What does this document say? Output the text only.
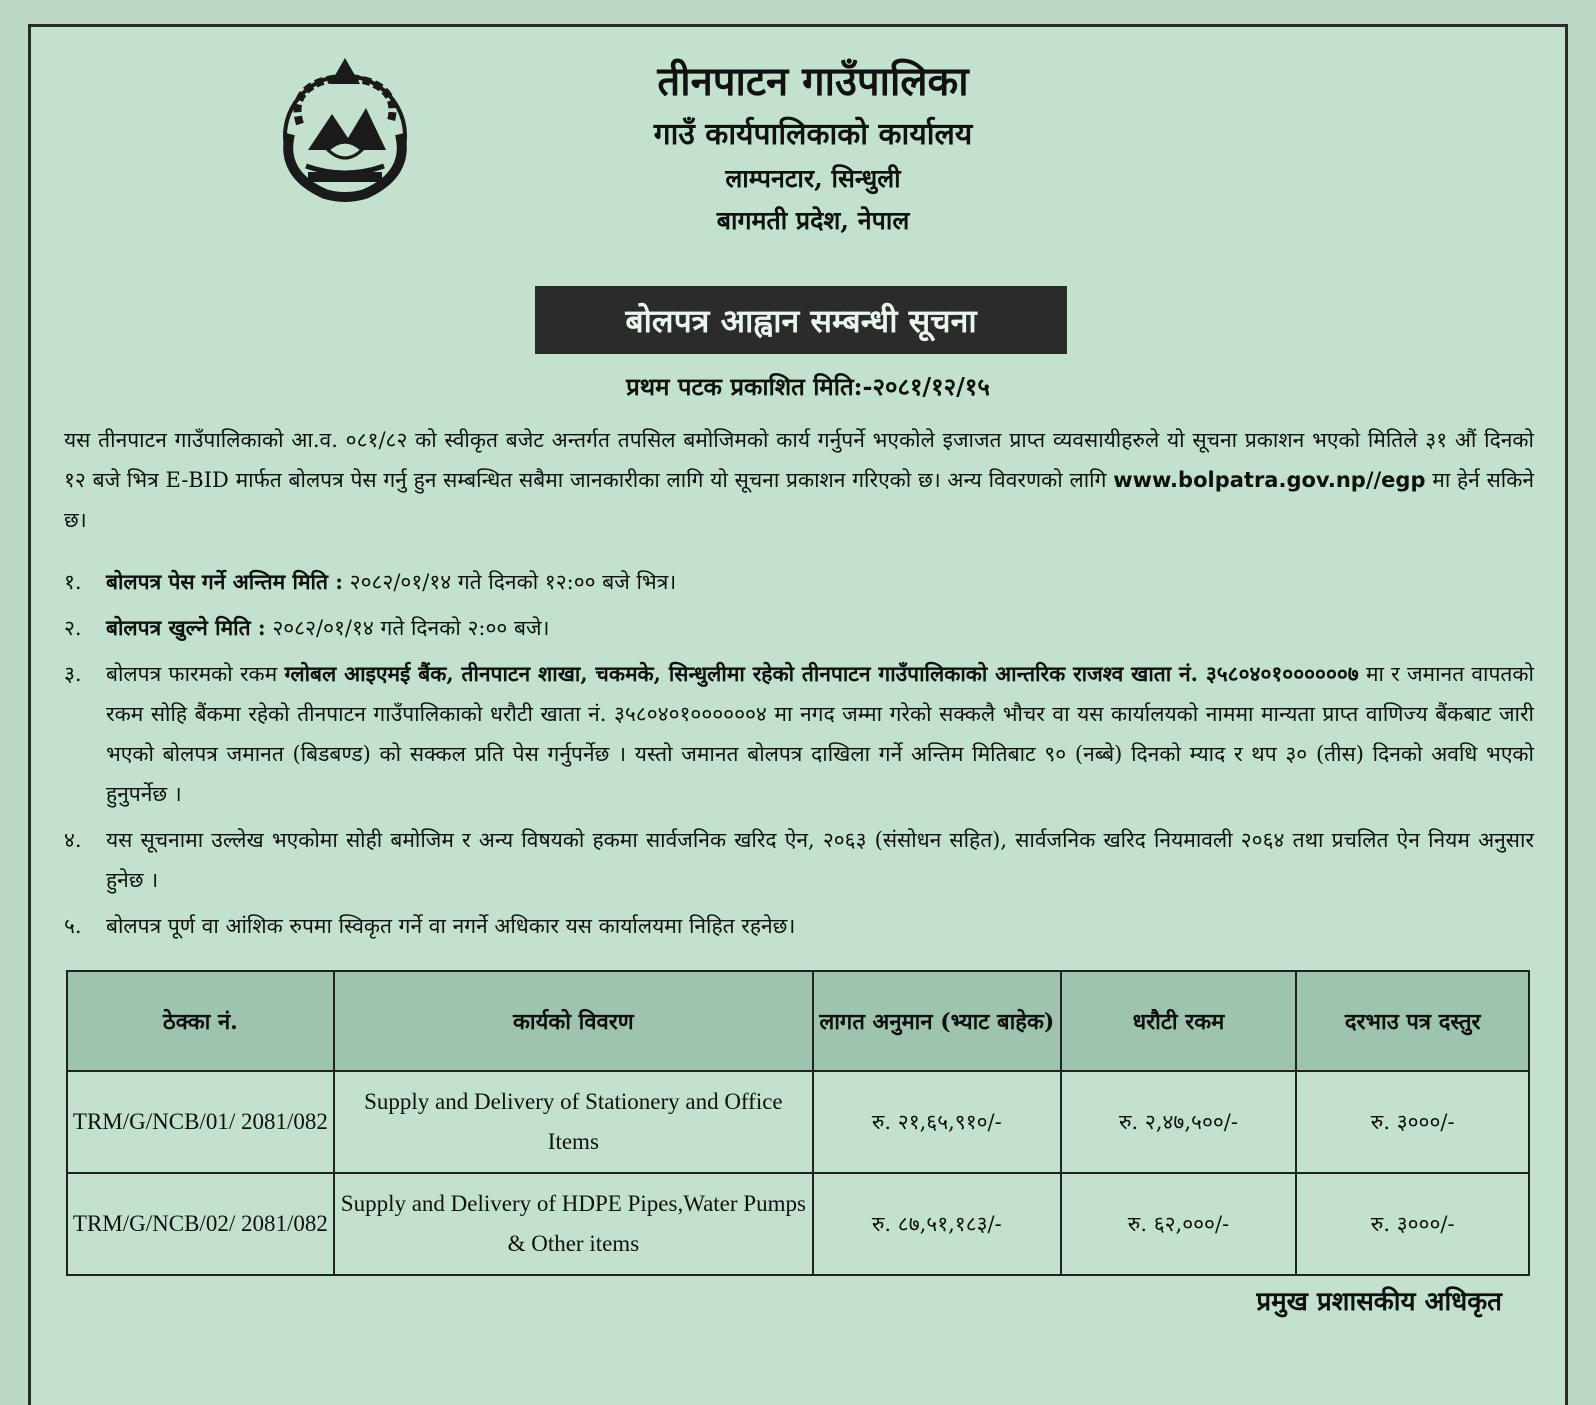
तीनपाटन गाउँपालिका

गाउँ कार्यपालिकाको कार्यालय

लाम्पनटार, सिन्धुली

बागमती प्रदेश, नेपाल

बोलपत्र आह्वान सम्बन्धी सूचना
प्रथम पटक प्रकाशित मिति:-२०८१/१२/१५
यस तीनपाटन गाउँपालिकाको आ.व. ०८१/८२ को स्वीकृत बजेट अन्तर्गत तपसिल बमोजिमको कार्य गर्नुपर्ने भएकोले इजाजत प्राप्त व्यवसायीहरुले यो सूचना प्रकाशन भएको मितिले ३१ औं दिनको १२ बजे भित्र E-BID मार्फत बोलपत्र पेस गर्नु हुन सम्बन्धित सबैमा जानकारीका लागि यो सूचना प्रकाशन गरिएको छ। अन्य विवरणको लागि www.bolpatra.gov.np//egp मा हेर्न सकिने छ।
१.	बोलपत्र पेस गर्ने अन्तिम मिति : २०८२/०१/१४ गते दिनको १२:०० बजे भित्र।
२.	बोलपत्र खुल्ने मिति : २०८२/०१/१४ गते दिनको २:०० बजे।
३.	बोलपत्र फारमको रकम ग्लोबल आइएमई बैंक, तीनपाटन शाखा, चकमके, सिन्धुलीमा रहेको तीनपाटन गाउँपालिकाको आन्तरिक राजश्व खाता नं. ३५८०४०१००००००७ मा र जमानत वापतको रकम सोहि बैंकमा रहेको तीनपाटन गाउँपालिकाको धरौटी खाता नं. ३५८०४०१००००००४ मा नगद जम्मा गरेको सक्कलै भौचर वा यस कार्यालयको नाममा मान्यता प्राप्त वाणिज्य बैंकबाट जारी भएको बोलपत्र जमानत (बिडबण्ड) को सक्कल प्रति पेस गर्नुपर्नेछ । यस्तो जमानत बोलपत्र दाखिला गर्ने अन्तिम मितिबाट ९० (नब्बे) दिनको म्याद र थप ३० (तीस) दिनको अवधि भएको हुनुपर्नेछ ।
४.	यस सूचनामा उल्लेख भएकोमा सोही बमोजिम र अन्य विषयको हकमा सार्वजनिक खरिद ऐन, २०६३ (संसोधन सहित), सार्वजनिक खरिद नियमावली २०६४ तथा प्रचलित ऐन नियम अनुसार हुनेछ ।
५.	बोलपत्र पूर्ण वा आंशिक रुपमा स्विकृत गर्ने वा नगर्ने अधिकार यस कार्यालयमा निहित रहनेछ।
ठेक्का नं.	कार्यको विवरण	लागत अनुमान (भ्याट बाहेक)	धरौटी रकम	दरभाउ पत्र दस्तुर
TRM/G/NCB/01/ 2081/082	Supply and Delivery of Stationery and Office Items	रु. २१,६५,९१०/-	रु. २,४७,५००/-	रु. ३०००/-
TRM/G/NCB/02/ 2081/082	Supply and Delivery of HDPE Pipes,Water Pumps & Other items	रु. ८७,५१,१८३/-	रु. ६२,०००/-	रु. ३०००/-
प्रमुख प्रशासकीय अधिकृत
